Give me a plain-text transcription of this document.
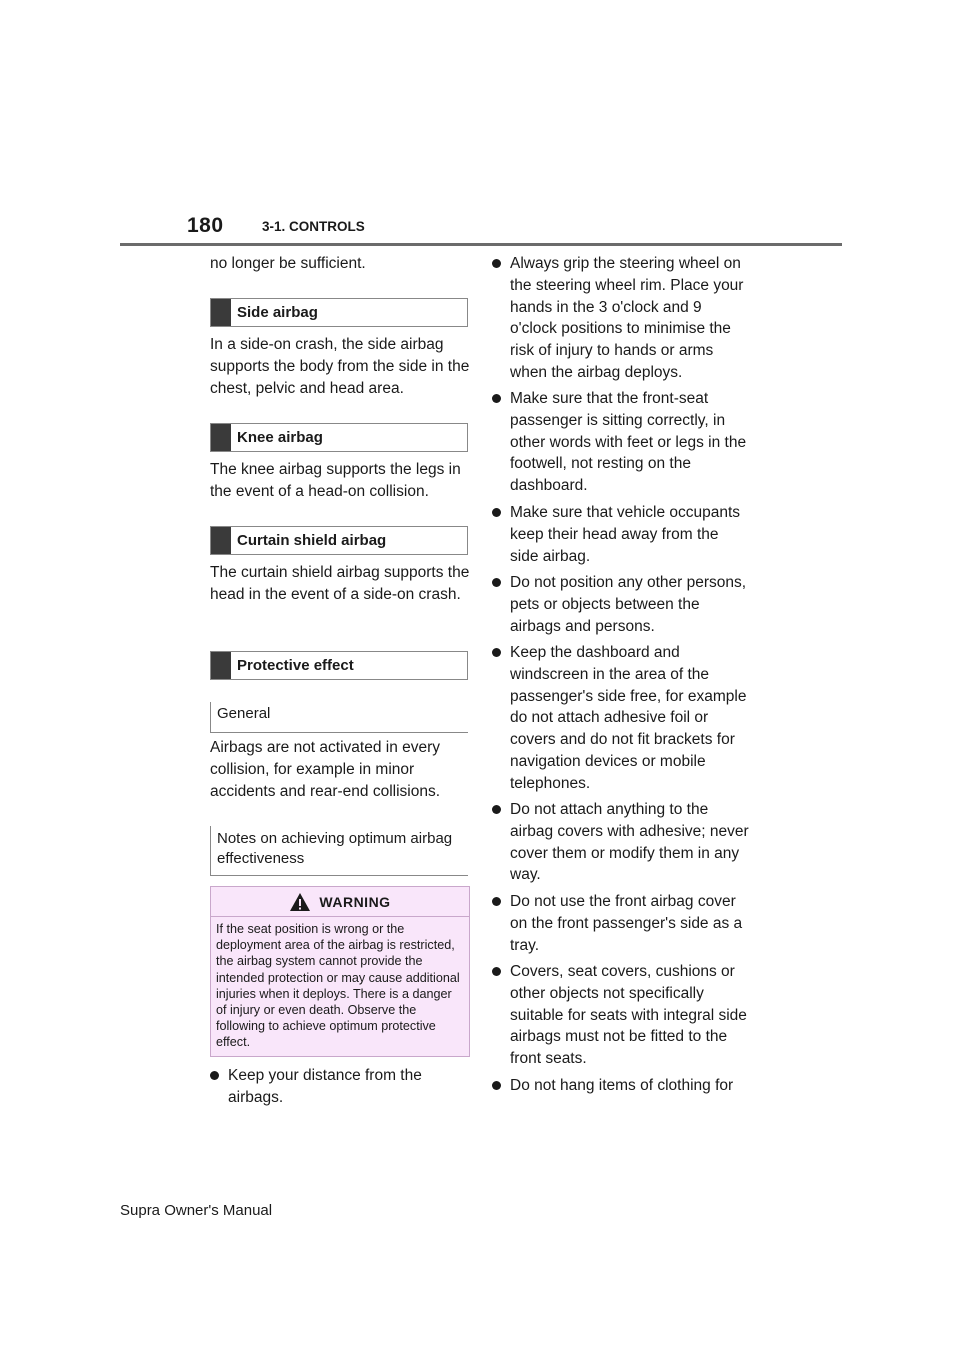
180	3-1. CONTROLS

no longer be sufficient.

Side airbag

In a side-on crash, the side airbag supports the body from the side in the chest, pelvic and head area.

Knee airbag

The knee airbag supports the legs in the event of a head-on collision.

Curtain shield airbag

The curtain shield airbag supports the head in the event of a side-on crash.

Protective effect
General

Airbags are not activated in every collision, for example in minor accidents and rear-end collisions.

Notes on achieving optimum airbag effectiveness
WARNING
If the seat position is wrong or the deployment area of the airbag is restricted, the airbag system cannot provide the intended protection or may cause additional injuries when it deploys. There is a danger of injury or even death. Observe the following to achieve optimum protective effect.

Keep your distance from the airbags.

Always grip the steering wheel on the steering wheel rim. Place your hands in the 3 o'clock and 9 o'clock positions to minimise the risk of injury to hands or arms when the airbag deploys.

Make sure that the front-seat passenger is sitting correctly, in other words with feet or legs in the footwell, not resting on the dashboard.

Make sure that vehicle occupants keep their head away from the side airbag.

Do not position any other persons, pets or objects between the airbags and persons.

Keep the dashboard and windscreen in the area of the passenger's side free, for example do not attach adhesive foil or covers and do not fit brackets for navigation devices or mobile telephones.

Do not attach anything to the airbag covers with adhesive; never cover them or modify them in any way.

Do not use the front airbag cover on the front passenger's side as a tray.

Covers, seat covers, cushions or other objects not specifically suitable for seats with integral side airbags must not be fitted to the front seats.

Do not hang items of clothing for

Supra Owner's Manual
